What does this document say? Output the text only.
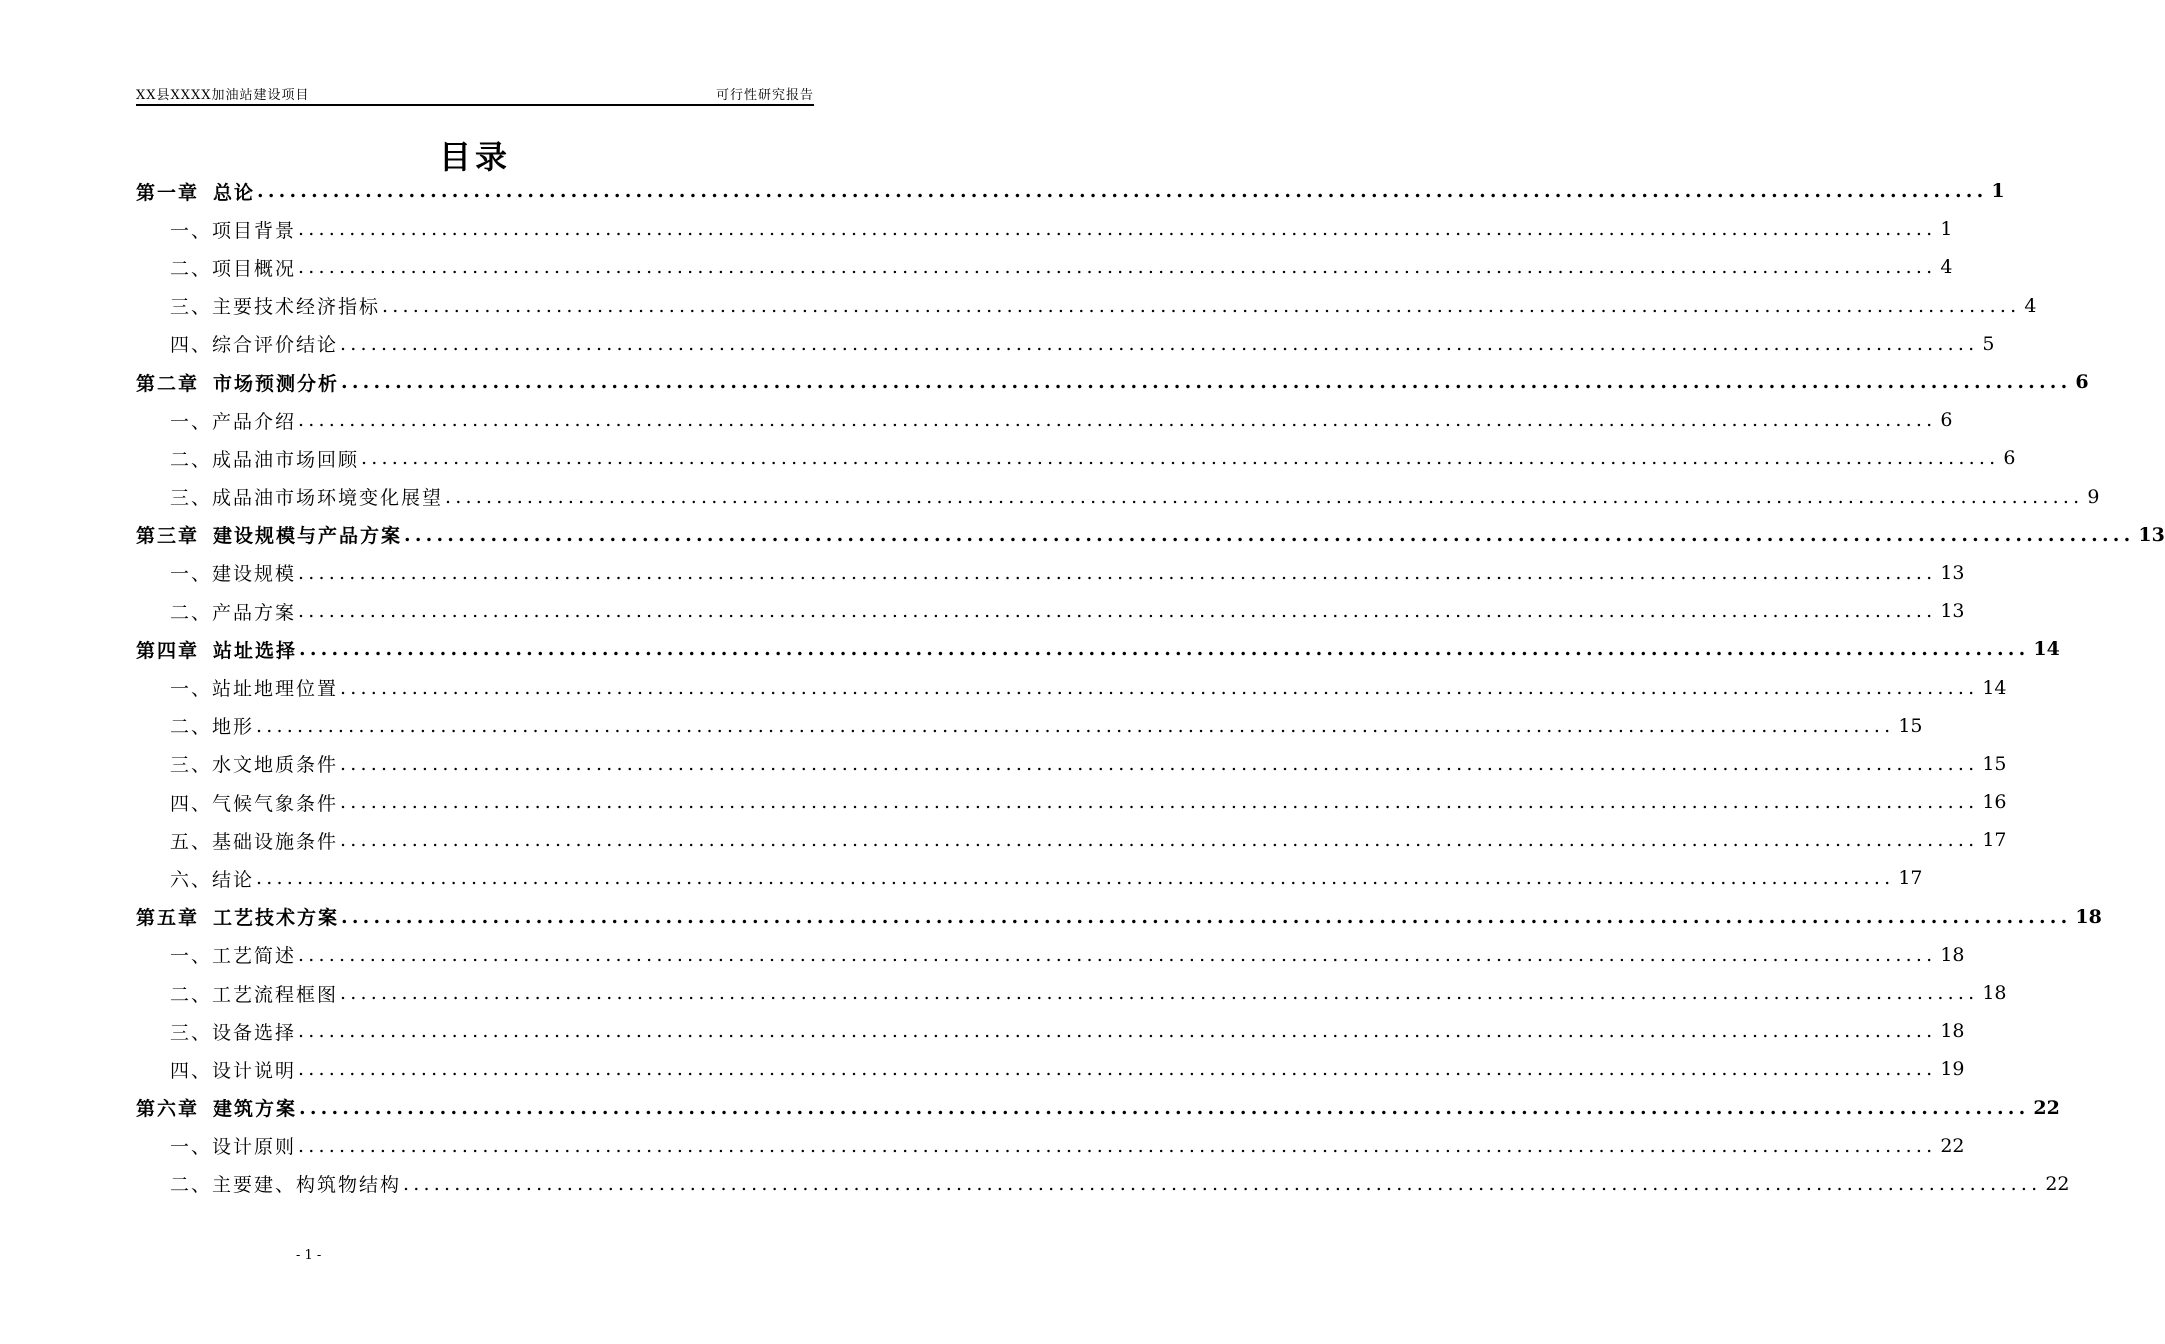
XX县XXXX加油站建设项目	可行性研究报告
目录
第一章 总论 ................................................................................................................................................................ 1
一、项目背景 ................................................................................................................................................................ 1
二、项目概况 ................................................................................................................................................................ 4
三、主要技术经济指标 ................................................................................................................................................................ 4
四、综合评价结论 ................................................................................................................................................................ 5
第二章 市场预测分析 ................................................................................................................................................................ 6
一、产品介绍 ................................................................................................................................................................ 6
二、成品油市场回顾 ................................................................................................................................................................ 6
三、成品油市场环境变化展望 ................................................................................................................................................................ 9
第三章 建设规模与产品方案 ................................................................................................................................................................ 13
一、建设规模 ................................................................................................................................................................ 13
二、产品方案 ................................................................................................................................................................ 13
第四章 站址选择 ................................................................................................................................................................ 14
一、站址地理位置 ................................................................................................................................................................ 14
二、地形 ................................................................................................................................................................ 15
三、水文地质条件 ................................................................................................................................................................ 15
四、气候气象条件 ................................................................................................................................................................ 16
五、基础设施条件 ................................................................................................................................................................ 17
六、结论 ................................................................................................................................................................ 17
第五章 工艺技术方案 ................................................................................................................................................................ 18
一、工艺简述 ................................................................................................................................................................ 18
二、工艺流程框图 ................................................................................................................................................................ 18
三、设备选择 ................................................................................................................................................................ 18
四、设计说明 ................................................................................................................................................................ 19
第六章 建筑方案 ................................................................................................................................................................ 22
一、设计原则 ................................................................................................................................................................ 22
二、主要建、构筑物结构 ................................................................................................................................................................ 22
- 1 -
